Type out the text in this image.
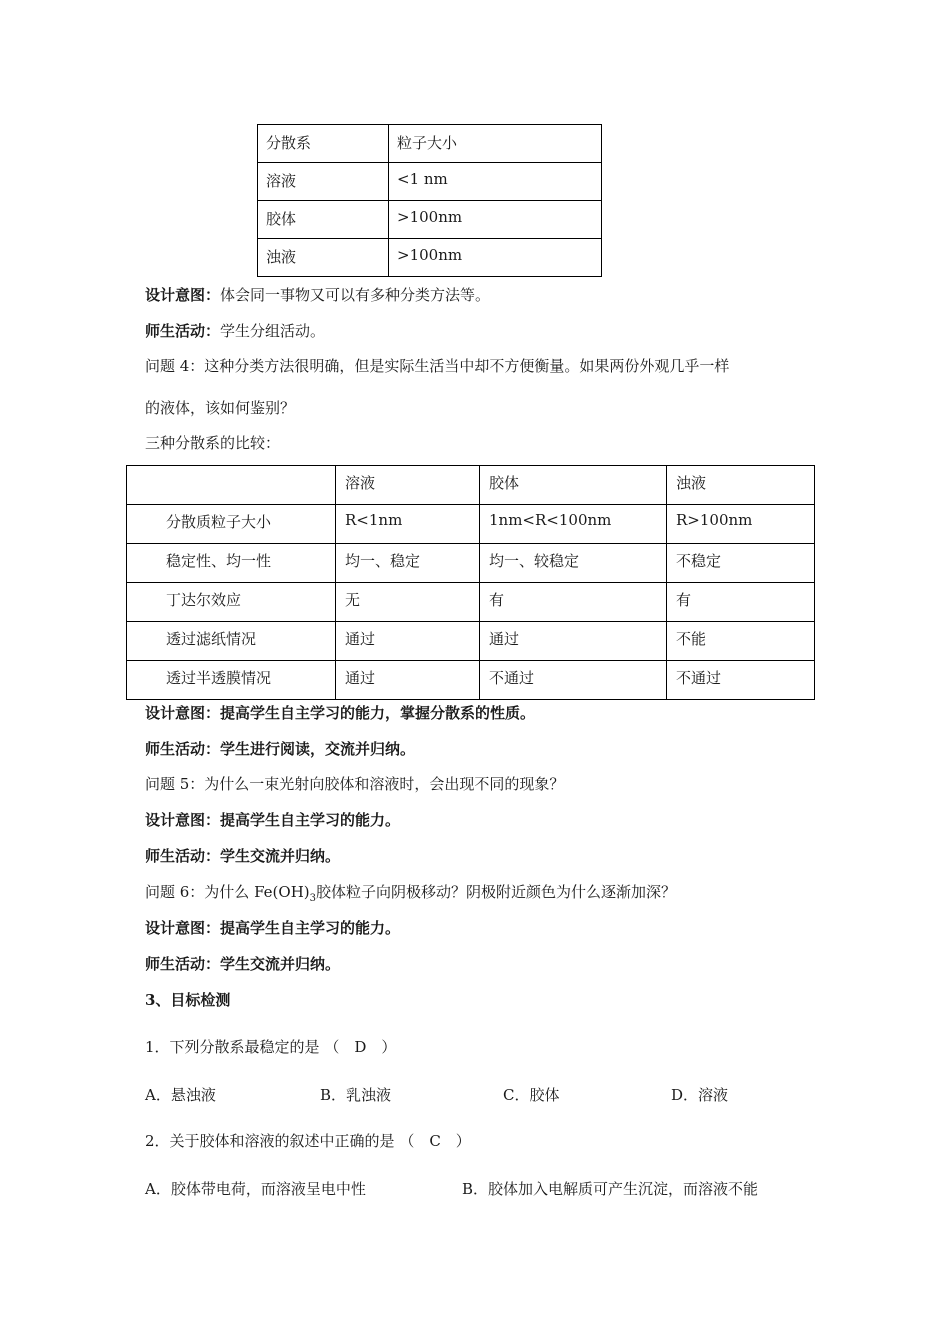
分散系	粒子大小
溶液	<1 nm
胶体	>100nm
浊液	>100nm
设计意图：体会同一事物又可以有多种分类方法等。
师生活动：学生分组活动。
问题 4：这种分类方法很明确，但是实际生活当中却不方便衡量。如果两份外观几乎一样
的液体，该如何鉴别？
三种分散系的比较：
	溶液	胶体	浊液
分散质粒子大小	R<1nm	1nm<R<100nm	R>100nm
稳定性、均一性	均一、稳定	均一、较稳定	不稳定
丁达尔效应	无	有	有
透过滤纸情况	通过	通过	不能
透过半透膜情况	通过	不通过	不通过
设计意图：提高学生自主学习的能力，掌握分散系的性质。
师生活动：学生进行阅读，交流并归纳。
问题 5：为什么一束光射向胶体和溶液时，会出现不同的现象？
设计意图：提高学生自主学习的能力。
师生活动：学生交流并归纳。
问题 6：为什么 $Fe(OH)_3$胶体粒子向阴极移动？阴极附近颜色为什么逐渐加深？
设计意图：提高学生自主学习的能力。
师生活动：学生交流并归纳。
3、目标检测
1．下列分散系最稳定的是 （　D　）
A．悬浊液	B．乳浊液	C．胶体	D．溶液
2．关于胶体和溶液的叙述中正确的是 （　C　）
A．胶体带电荷，而溶液呈电中性	B．胶体加入电解质可产生沉淀，而溶液不能
